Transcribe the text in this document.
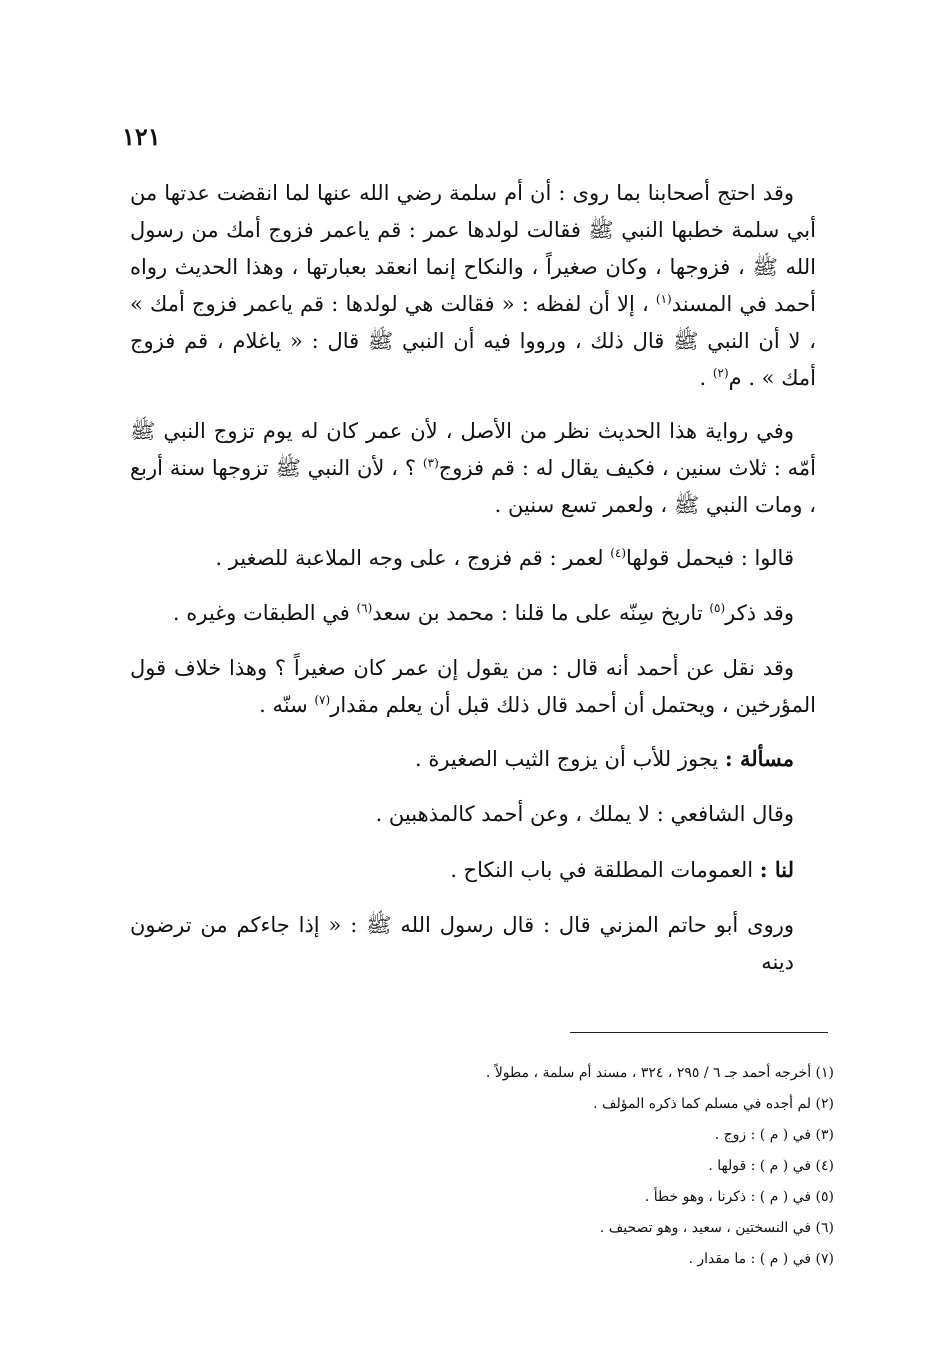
١٢١

وقد احتج أصحابنا بما روى : أن أم سلمة رضي الله عنها لما انقضت عدتها من أبي سلمة خطبها النبي ﷺ فقالت لولدها عمر : قم ياعمر فزوج أمك من رسول الله ﷺ ، فزوجها ، وكان صغيراً ، والنكاح إنما انعقد بعبارتها ، وهذا الحديث رواه أحمد في المسند$^{(١)}$ ، إلا أن لفظه : « فقالت هي لولدها : قم ياعمر فزوج أمك » ، لا أن النبي ﷺ قال ذلك ، ورووا فيه أن النبي ﷺ قال : « ياغلام ، قم فزوج أمك » . م$^{(٢)}$ .

وفي رواية هذا الحديث نظر من الأصل ، لأن عمر كان له يوم تزوج النبي ﷺ أمّه : ثلاث سنين ، فكيف يقال له : قم فزوج$^{(٣)}$ ؟ ، لأن النبي ﷺ تزوجها سنة أربع ، ومات النبي ﷺ ، ولعمر تسع سنين .

قالوا : فيحمل قولها$^{(٤)}$ لعمر : قم فزوج ، على وجه الملاعبة للصغير .

وقد ذكر$^{(٥)}$ تاريخ سِنّه على ما قلنا : محمد بن سعد$^{(٦)}$ في الطبقات وغيره .

وقد نقل عن أحمد أنه قال : من يقول إن عمر كان صغيراً ؟ وهذا خلاف قول المؤرخين ، ويحتمل أن أحمد قال ذلك قبل أن يعلم مقدار$^{(٧)}$ سنّه .

مسألة : يجوز للأب أن يزوج الثيب الصغيرة .

وقال الشافعي : لا يملك ، وعن أحمد كالمذهبين .

لنا : العمومات المطلقة في باب النكاح .

وروى أبو حاتم المزني قال : قال رسول الله ﷺ : « إذا جاءكم من ترضون دينه

(١) أخرجه أحمد جـ ٦ / ٢٩٥ ، ٣٢٤ ، مسند أم سلمة ، مطولاً .
(٢) لم أجده في مسلم كما ذكره المؤلف .
(٣) في ( م ) : زوج .
(٤) في ( م ) : قولها .
(٥) في ( م ) : ذكرنا ، وهو خطأ .
(٦) في النسختين ، سعيد ، وهو تصحيف .
(٧) في ( م ) : ما مقدار .
